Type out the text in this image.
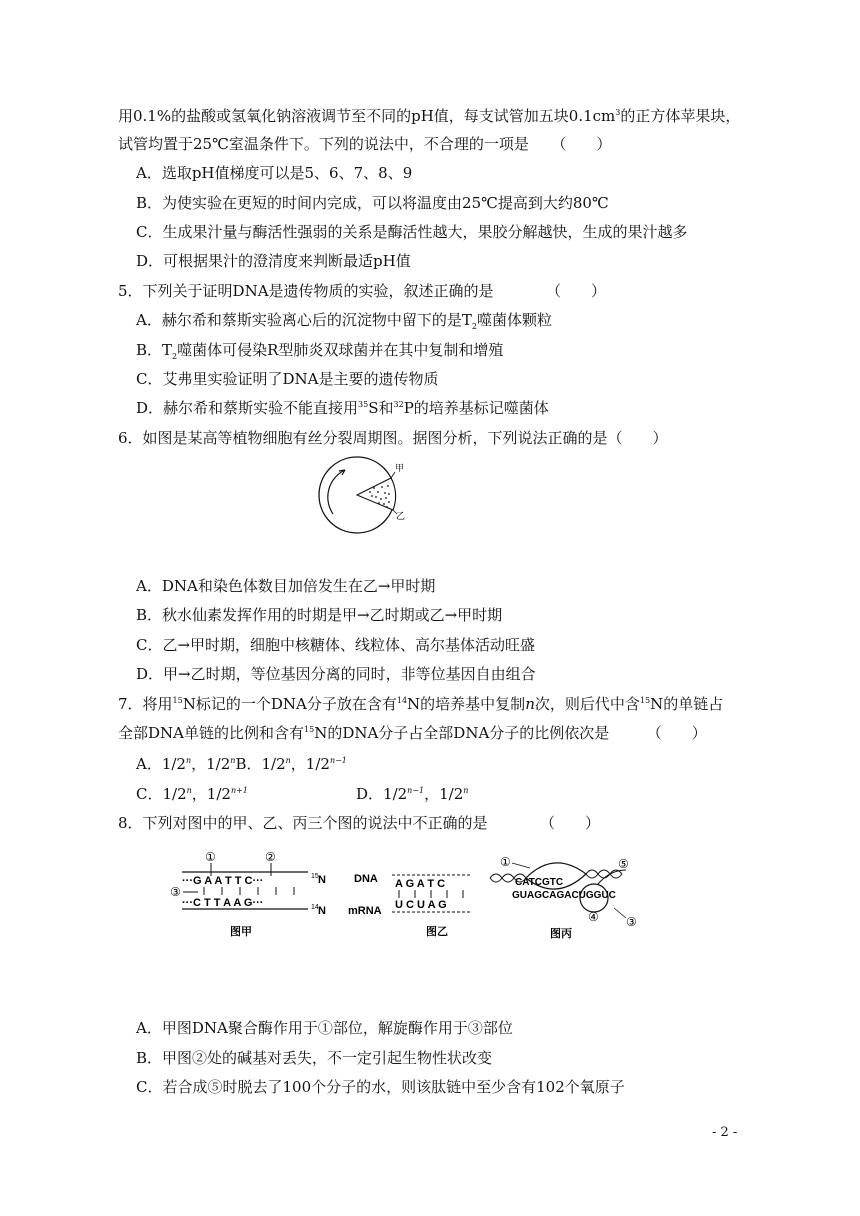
用0.1%的盐酸或氢氧化钠溶液调节至不同的pH值，每支试管加五块$0.1cm^3$的正方体苹果块，
试管均置于25℃室温条件下。下列的说法中，不合理的一项是　　（　　）
A．选取pH值梯度可以是5、6、7、8、9
B．为使实验在更短的时间内完成，可以将温度由25℃提高到大约80℃
C．生成果汁量与酶活性强弱的关系是酶活性越大，果胶分解越快，生成的果汁越多
D．可根据果汁的澄清度来判断最适pH值
5．下列关于证明DNA是遗传物质的实验，叙述正确的是　　　　（　　）
A．赫尔希和蔡斯实验离心后的沉淀物中留下的是$T_2$噬菌体颗粒
B．$T_2$噬菌体可侵染R型肺炎双球菌并在其中复制和增殖
C．艾弗里实验证明了DNA是主要的遗传物质
D．赫尔希和蔡斯实验不能直接用$^{35}$S和$^{32}$P的培养基标记噬菌体
6．如图是某高等植物细胞有丝分裂周期图。据图分析，下列说法正确的是（　　）
甲
乙
A．DNA和染色体数目加倍发生在乙→甲时期
B．秋水仙素发挥作用的时期是甲→乙时期或乙→甲时期
C．乙→甲时期，细胞中核糖体、线粒体、高尔基体活动旺盛
D．甲→乙时期，等位基因分离的同时，非等位基因自由组合
7．将用$^{15}$N标记的一个DNA分子放在含有$^{14}$N的培养基中复制n次，则后代中含$^{15}$N的单链占
全部DNA单链的比例和含有$^{15}$N的DNA分子占全部DNA分子的比例依次是　　　（　　）
A．1/2$^n$，1/2$^n$B．1/2$^n$，$1/2^{n-1}$
C．1/2$^n$，$1/2^{n+1}$	D．$1/2^{n-1}$，1/2$^n$
8．下列对图中的甲、乙、丙三个图的说法中不正确的是　　　　（　　）
①	②
···G A A T T C···
③
···C T T A A G···
15 N
14 N
图甲
DNA A G A T C
U C U A G
mRNA
图乙
①
CATCGTC
GUAGCAGACUGGUC
④
⑤
③
图丙
A．甲图DNA聚合酶作用于①部位，解旋酶作用于③部位
B．甲图②处的碱基对丢失，不一定引起生物性状改变
C．若合成⑤时脱去了100个分子的水，则该肽链中至少含有102个氧原子
- 2 -
